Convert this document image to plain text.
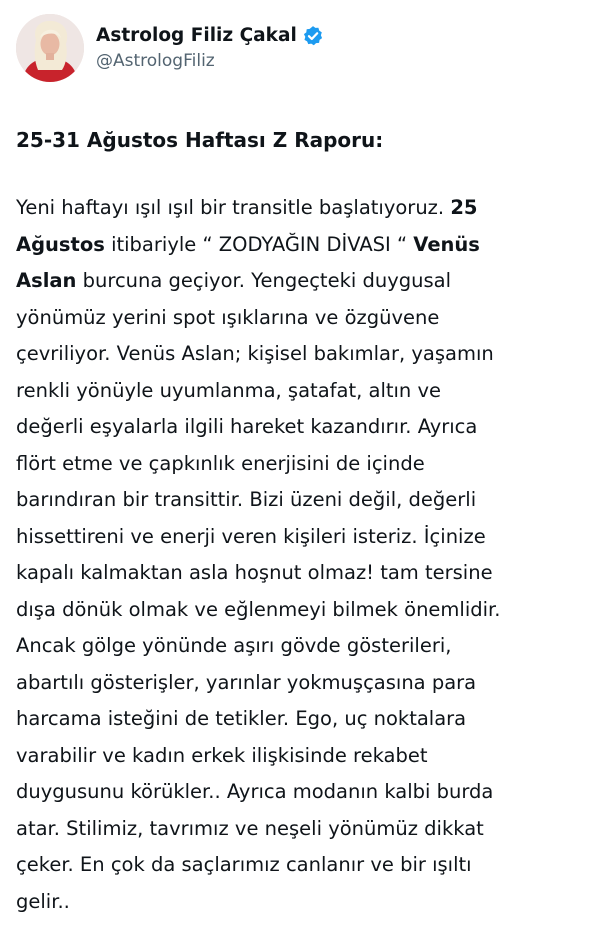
Astrolog Filiz Çakal
@AstrologFiliz

25-31 Ağustos Haftası Z Raporu:

Yeni haftayı ışıl ışıl bir transitle başlatıyoruz. 25
Ağustos itibariyle “ ZODYAĞIN DİVASI “ Venüs
Aslan burcuna geçiyor. Yengeçteki duygusal
yönümüz yerini spot ışıklarına ve özgüvene
çevriliyor. Venüs Aslan; kişisel bakımlar, yaşamın
renkli yönüyle uyumlanma, şatafat, altın ve
değerli eşyalarla ilgili hareket kazandırır. Ayrıca
flört etme ve çapkınlık enerjisini de içinde
barındıran bir transittir. Bizi üzeni değil, değerli
hissettireni ve enerji veren kişileri isteriz. İçinize
kapalı kalmaktan asla hoşnut olmaz! tam tersine
dışa dönük olmak ve eğlenmeyi bilmek önemlidir.
Ancak gölge yönünde aşırı gövde gösterileri,
abartılı gösterişler, yarınlar yokmuşçasına para
harcama isteğini de tetikler. Ego, uç noktalara
varabilir ve kadın erkek ilişkisinde rekabet
duygusunu körükler.. Ayrıca modanın kalbi burda
atar. Stilimiz, tavrımız ve neşeli yönümüz dikkat
çeker. En çok da saçlarımız canlanır ve bir ışıltı
gelir..
